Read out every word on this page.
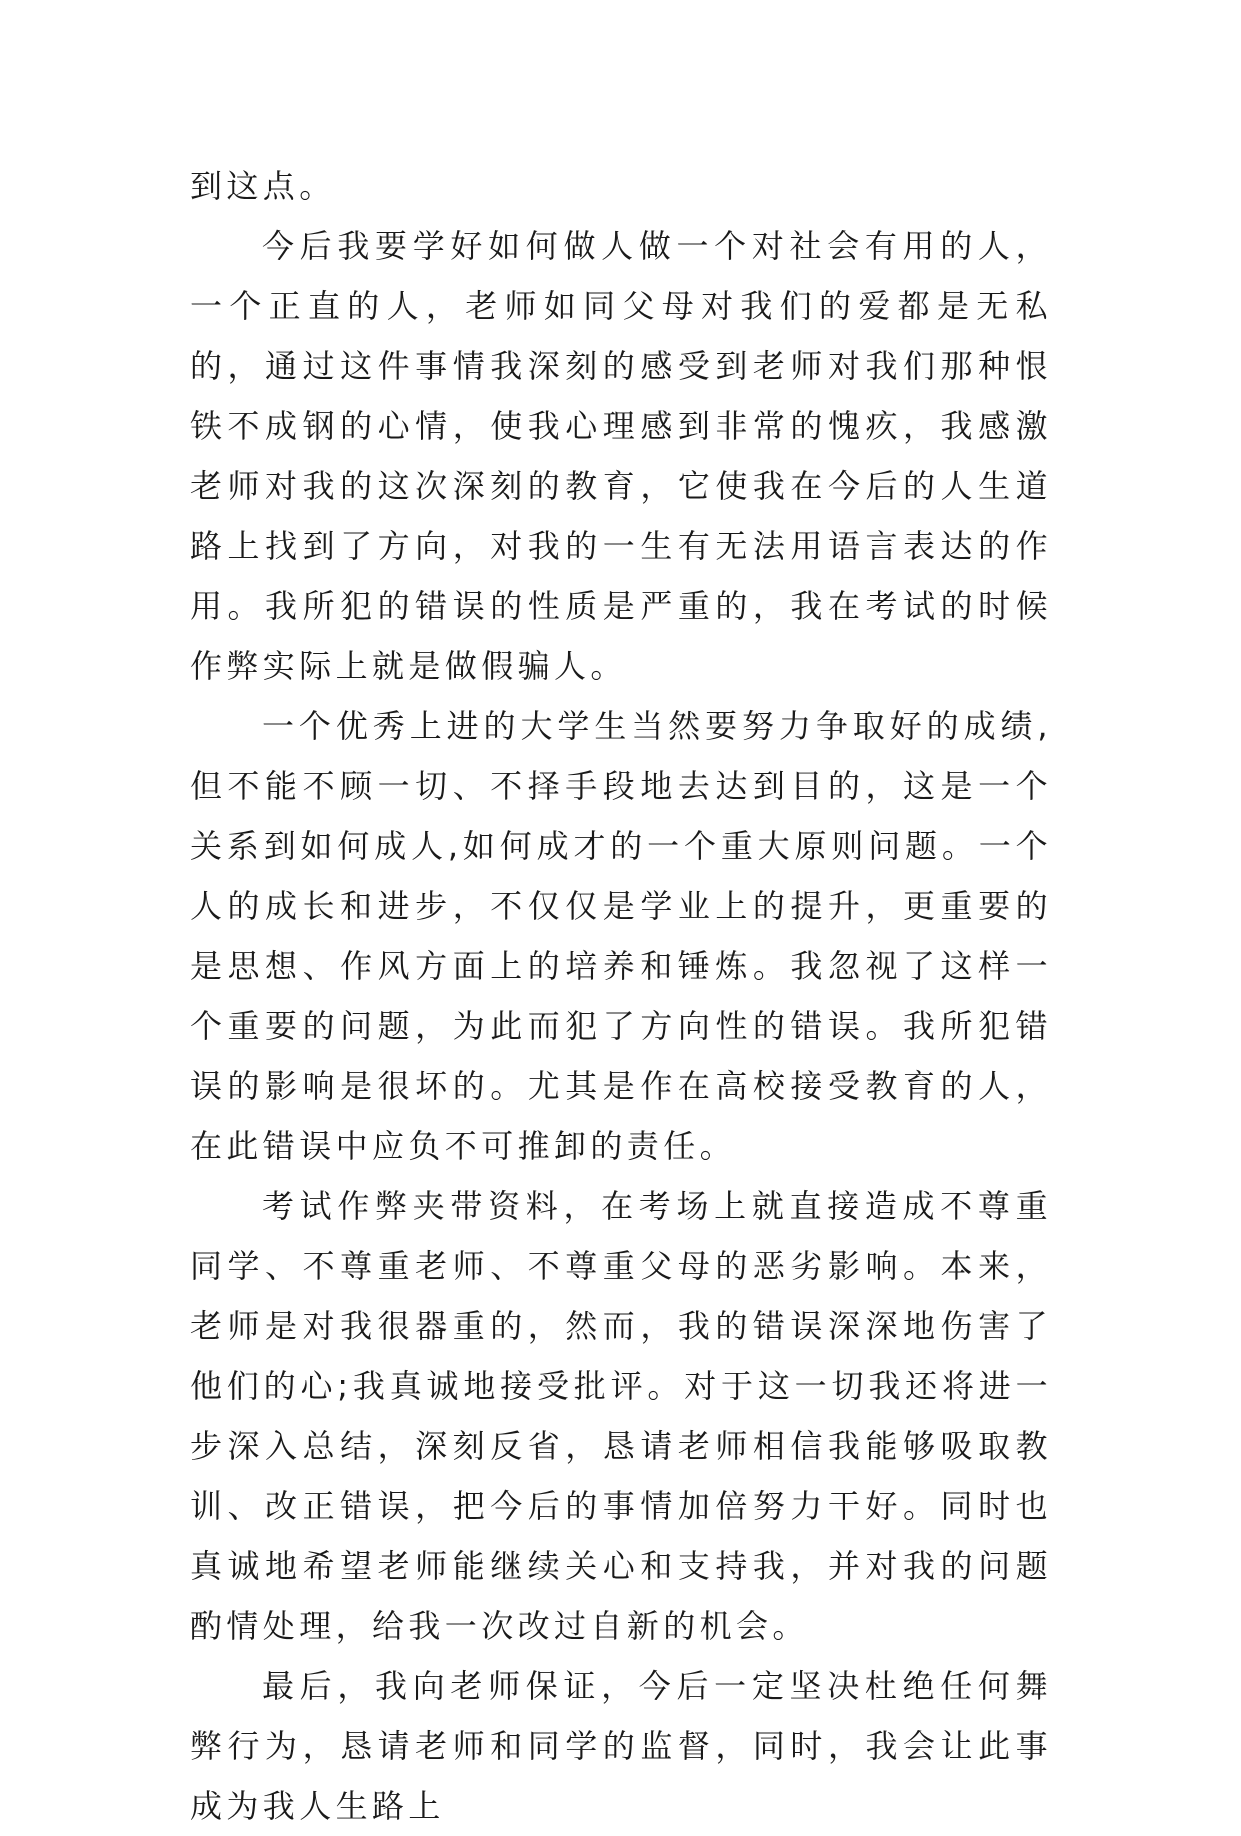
到这点。

今后我要学好如何做人做一个对社会有用的人，一个正直的人，老师如同父母对我们的爱都是无私的，通过这件事情我深刻的感受到老师对我们那种恨铁不成钢的心情，使我心理感到非常的愧疚，我感激老师对我的这次深刻的教育，它使我在今后的人生道路上找到了方向，对我的一生有无法用语言表达的作用。我所犯的错误的性质是严重的，我在考试的时候作弊实际上就是做假骗人。

一个优秀上进的大学生当然要努力争取好的成绩,但不能不顾一切、不择手段地去达到目的，这是一个关系到如何成人,如何成才的一个重大原则问题。一个人的成长和进步，不仅仅是学业上的提升，更重要的是思想、作风方面上的培养和锤炼。我忽视了这样一个重要的问题，为此而犯了方向性的错误。我所犯错误的影响是很坏的。尤其是作在高校接受教育的人，在此错误中应负不可推卸的责任。

考试作弊夹带资料，在考场上就直接造成不尊重同学、不尊重老师、不尊重父母的恶劣影响。本来，老师是对我很器重的，然而，我的错误深深地伤害了他们的心;我真诚地接受批评。对于这一切我还将进一步深入总结，深刻反省，恳请老师相信我能够吸取教训、改正错误，把今后的事情加倍努力干好。同时也真诚地希望老师能继续关心和支持我，并对我的问题酌情处理，给我一次改过自新的机会。

最后，我向老师保证，今后一定坚决杜绝任何舞弊行为，恳请老师和同学的监督，同时，我会让此事成为我人生路上
